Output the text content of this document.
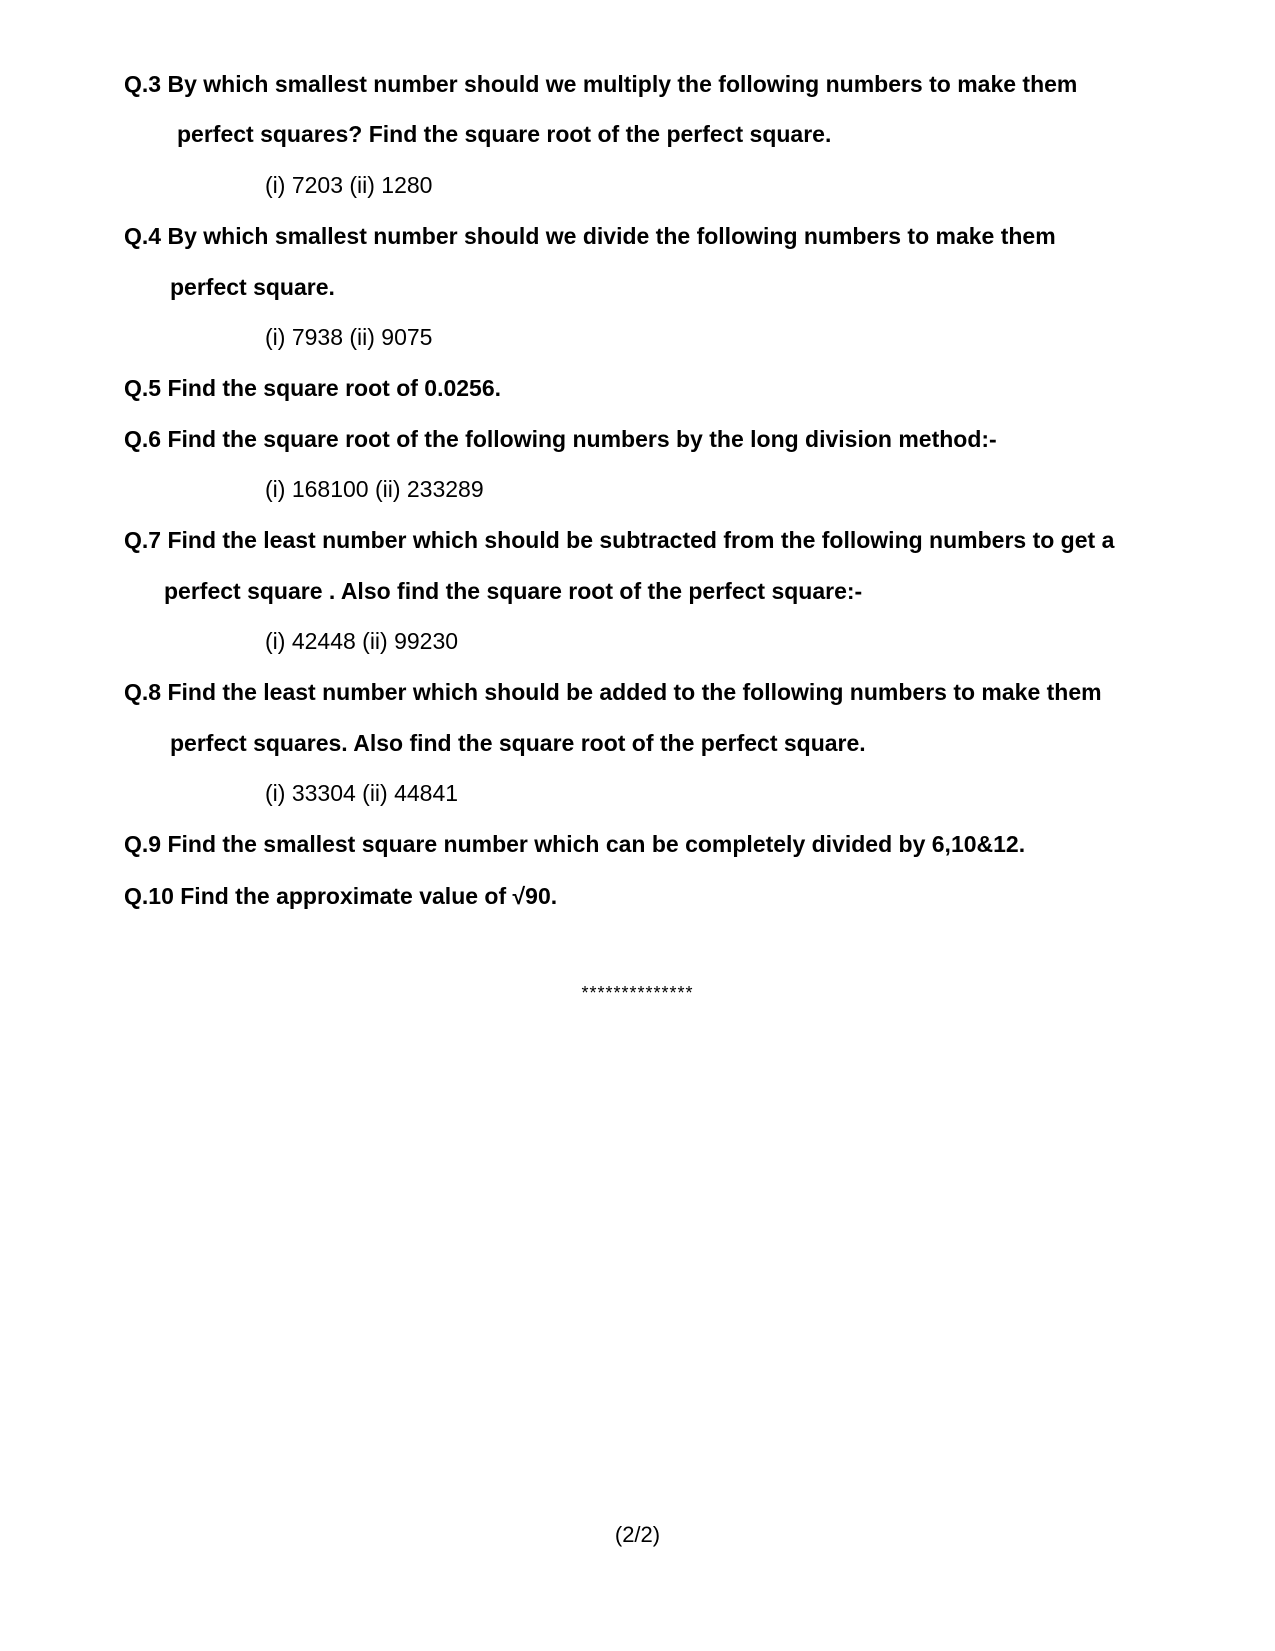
Q.3 By which smallest number should we multiply the following numbers to make them
perfect squares? Find the square root of the perfect square.
(i) 7203 (ii) 1280
Q.4 By which smallest number should we divide the following numbers to make them
perfect square.
(i) 7938 (ii) 9075
Q.5 Find the square root of 0.0256.
Q.6 Find the square root of the following numbers by the long division method:-
(i) 168100 (ii) 233289
Q.7 Find the least number which should be subtracted from the following numbers to get a
perfect square . Also find the square root of the perfect square:-
(i) 42448 (ii) 99230
Q.8 Find the least number which should be added to the following numbers to make them
perfect squares. Also find the square root of the perfect square.
(i) 33304 (ii) 44841
Q.9 Find the smallest square number which can be completely divided by 6,10&12.
Q.10 Find the approximate value of √90.
**************
(2/2)
